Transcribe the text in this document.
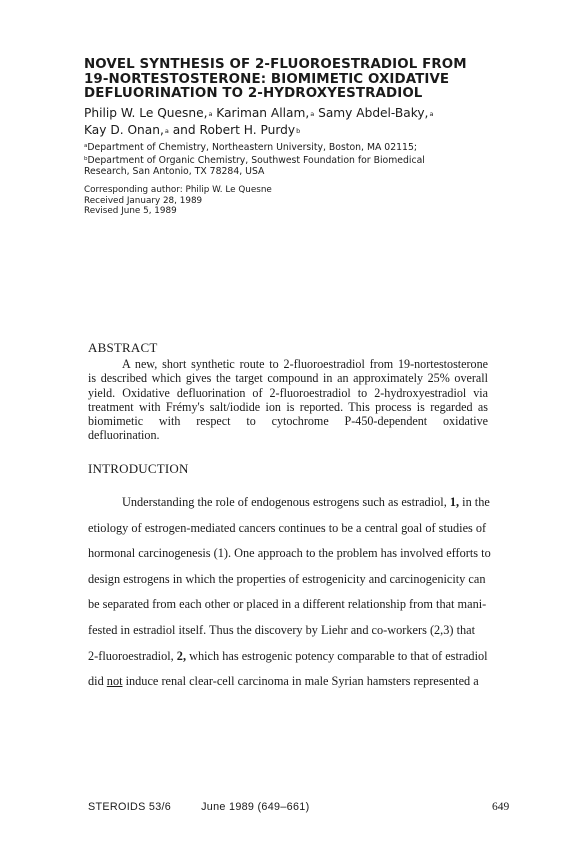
NOVEL SYNTHESIS OF 2-FLUOROESTRADIOL FROM
19-NORTESTOSTERONE: BIOMIMETIC OXIDATIVE
DEFLUORINATION TO 2-HYDROXYESTRADIOL
Philip W. Le Quesne,$^a$ Kariman Allam,$^a$ Samy Abdel-Baky,$^a$
Kay D. Onan,$^a$ and Robert H. Purdy$^b$
$^a$Department of Chemistry, Northeastern University, Boston, MA 02115;
$^b$Department of Organic Chemistry, Southwest Foundation for Biomedical
Research, San Antonio, TX 78284, USA
Corresponding author: Philip W. Le Quesne
Received January 28, 1989
Revised June 5, 1989
ABSTRACT
A new, short synthetic route to 2-fluoroestradiol from 19-nortestosterone
is described which gives the target compound in an approximately 25% overall
yield. Oxidative defluorination of 2-fluoroestradiol to 2-hydroxyestradiol via
treatment with Frémy's salt/iodide ion is reported. This process is regarded as
biomimetic with respect to cytochrome P-450-dependent oxidative
defluorination.
INTRODUCTION
Understanding the role of endogenous estrogens such as estradiol, 1, in the
etiology of estrogen-mediated cancers continues to be a central goal of studies of
hormonal carcinogenesis (1). One approach to the problem has involved efforts to
design estrogens in which the properties of estrogenicity and carcinogenicity can
be separated from each other or placed in a different relationship from that mani-
fested in estradiol itself. Thus the discovery by Liehr and co-workers (2,3) that
2-fluoroestradiol, 2, which has estrogenic potency comparable to that of estradiol
did not induce renal clear-cell carcinoma in male Syrian hamsters represented a
STEROIDS 53/6	June 1989 (649–661)	649
